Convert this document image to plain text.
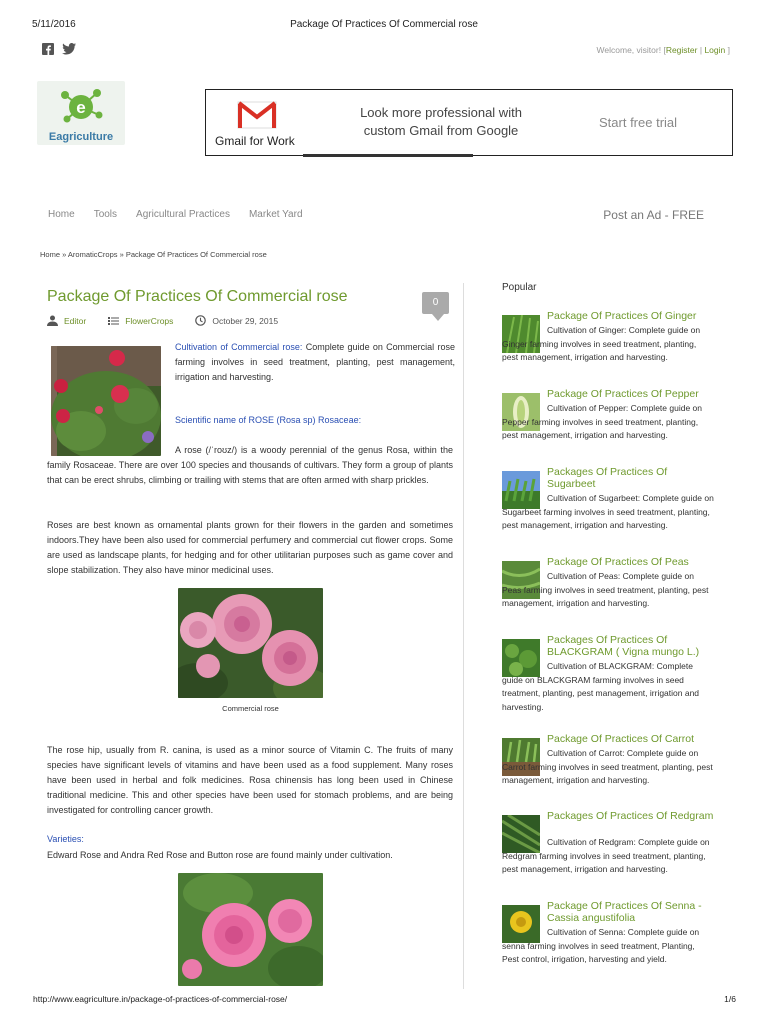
5/11/2016	Package Of Practices Of Commercial rose
Welcome, visitor! [Register | Login ]
e
Eagriculture	Gmail for Work
Look more professional with custom Gmail from Google
Start free trial
Home Tools Agricultural Practices Market Yard	Post an Ad - FREE
Home » AromaticCrops » Package Of Practices Of Commercial rose
Package Of Practices Of Commercial rose	0
Editor	FlowerCrops	October 29, 2015
Cultivation of Commercial rose: Complete guide on Commercial rose farming involves in seed treatment, planting, pest management, irrigation and harvesting.
Scientific name of ROSE (Rosa sp) Rosaceae:
A rose (/ˈroʊz/) is a woody perennial of the genus Rosa, within the family Rosaceae. There are over 100 species and thousands of cultivars. They form a group of plants that can be erect shrubs, climbing or trailing with stems that are often armed with sharp prickles.
Roses are best known as ornamental plants grown for their flowers in the garden and sometimes indoors.They have been also used for commercial perfumery and commercial cut flower crops. Some are used as landscape plants, for hedging and for other utilitarian purposes such as game cover and slope stabilization. They also have minor medicinal uses.
Commercial rose
The rose hip, usually from R. canina, is used as a minor source of Vitamin C. The fruits of many species have significant levels of vitamins and have been used as a food supplement. Many roses have been used in herbal and folk medicines. Rosa chinensis has long been used in Chinese traditional medicine. This and other species have been used for stomach problems, and are being investigated for controlling cancer growth.
Varieties:
Edward Rose and Andra Red Rose and Button rose are found mainly under cultivation.
Popular
Package Of Practices Of Ginger
Cultivation of Ginger: Complete guide on Ginger farming involves in seed treatment, planting, pest management, irrigation and harvesting.
Package Of Practices Of Pepper
Cultivation of Pepper: Complete guide on Pepper farming involves in seed treatment, planting, pest management, irrigation and harvesting.
Packages Of Practices Of Sugarbeet
Cultivation of Sugarbeet: Complete guide on Sugarbeet farming involves in seed treatment, planting, pest management, irrigation and harvesting.
Package Of Practices Of Peas
Cultivation of Peas: Complete guide on Peas farming involves in seed treatment, planting, pest management, irrigation and harvesting.
Packages Of Practices Of BLACKGRAM ( Vigna mungo L.)
Cultivation of BLACKGRAM: Complete guide on BLACKGRAM farming involves in seed treatment, planting, pest management, irrigation and harvesting.
Package Of Practices Of Carrot
Cultivation of Carrot: Complete guide on Carrot farming involves in seed treatment, planting, pest management, irrigation and harvesting.
Packages Of Practices Of Redgram
Cultivation of Redgram: Complete guide on Redgram farming involves in seed treatment, planting, pest management, irrigation and harvesting.
Package Of Practices Of Senna - Cassia angustifolia
Cultivation of Senna: Complete guide on senna farming involves in seed treatment, Planting, Pest control, irrigation, harvesting and yield.
http://www.eagriculture.in/package-of-practices-of-commercial-rose/	1/6
